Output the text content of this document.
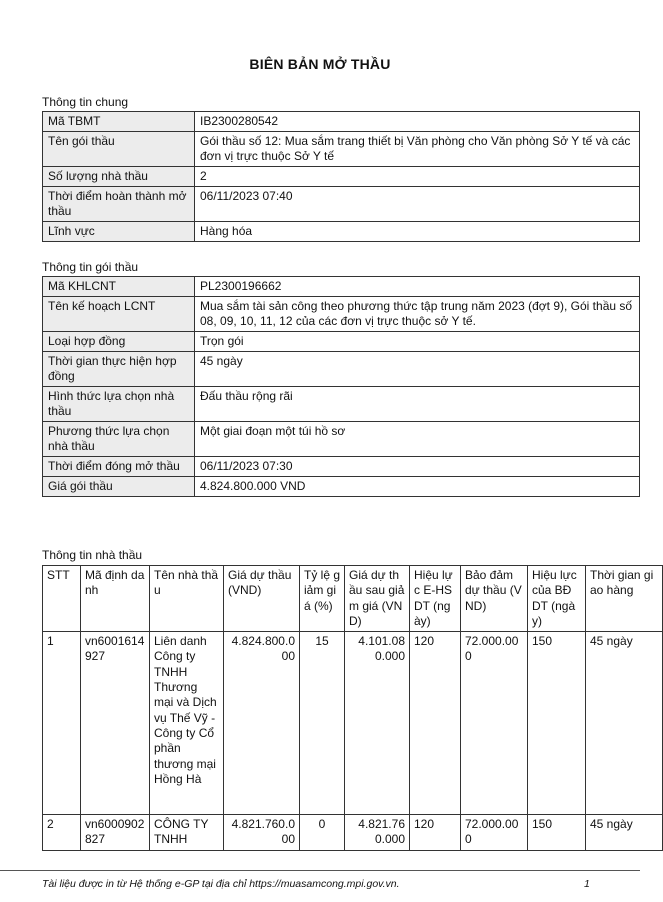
BIÊN BẢN MỞ THẦU
Thông tin chung
Mã TBMT	IB2300280542
Tên gói thầu	Gói thầu số 12: Mua sắm trang thiết bị Văn phòng cho Văn phòng Sở Y tế và các đơn vị trực thuộc Sở Y tế
Số lượng nhà thầu	2
Thời điểm hoàn thành mở thầu	06/11/2023 07:40
Lĩnh vực	Hàng hóa
Thông tin gói thầu
Mã KHLCNT	PL2300196662
Tên kế hoạch LCNT	Mua sắm tài sản công theo phương thức tập trung năm 2023 (đợt 9), Gói thầu số 08, 09, 10, 11, 12 của các đơn vị trực thuộc sở Y tế.
Loại hợp đồng	Trọn gói
Thời gian thực hiện hợp đồng	45 ngày
Hình thức lựa chọn nhà thầu	Đấu thầu rộng rãi
Phương thức lựa chọn nhà thầu	Một giai đoạn một túi hồ sơ
Thời điểm đóng mở thầu	06/11/2023 07:30
Giá gói thầu	4.824.800.000 VND
Thông tin nhà thầu
STT	Mã định danh	Tên nhà thầu	Giá dự thầu (VND)	Tỷ lệ giảm giá (%)	Giá dự thầu sau giảm giá (VND)	Hiệu lực E-HSDT (ngày)	Bảo đảm dự thầu (VND)	Hiệu lực của BĐ DT (ngày)	Thời gian giao hàng
1	vn6001614927	Liên danh Công ty TNHH Thương mại và Dịch vụ Thế Vỹ - Công ty Cổ phần thương mại Hồng Hà	4.824.800.000	15	4.101.080.000	120	72.000.000	150	45 ngày
2	vn6000902827	CÔNG TY TNHH	4.821.760.000	0	4.821.760.000	120	72.000.000	150	45 ngày
Tài liệu được in từ Hệ thống e-GP tại địa chỉ https://muasamcong.mpi.gov.vn.	1
